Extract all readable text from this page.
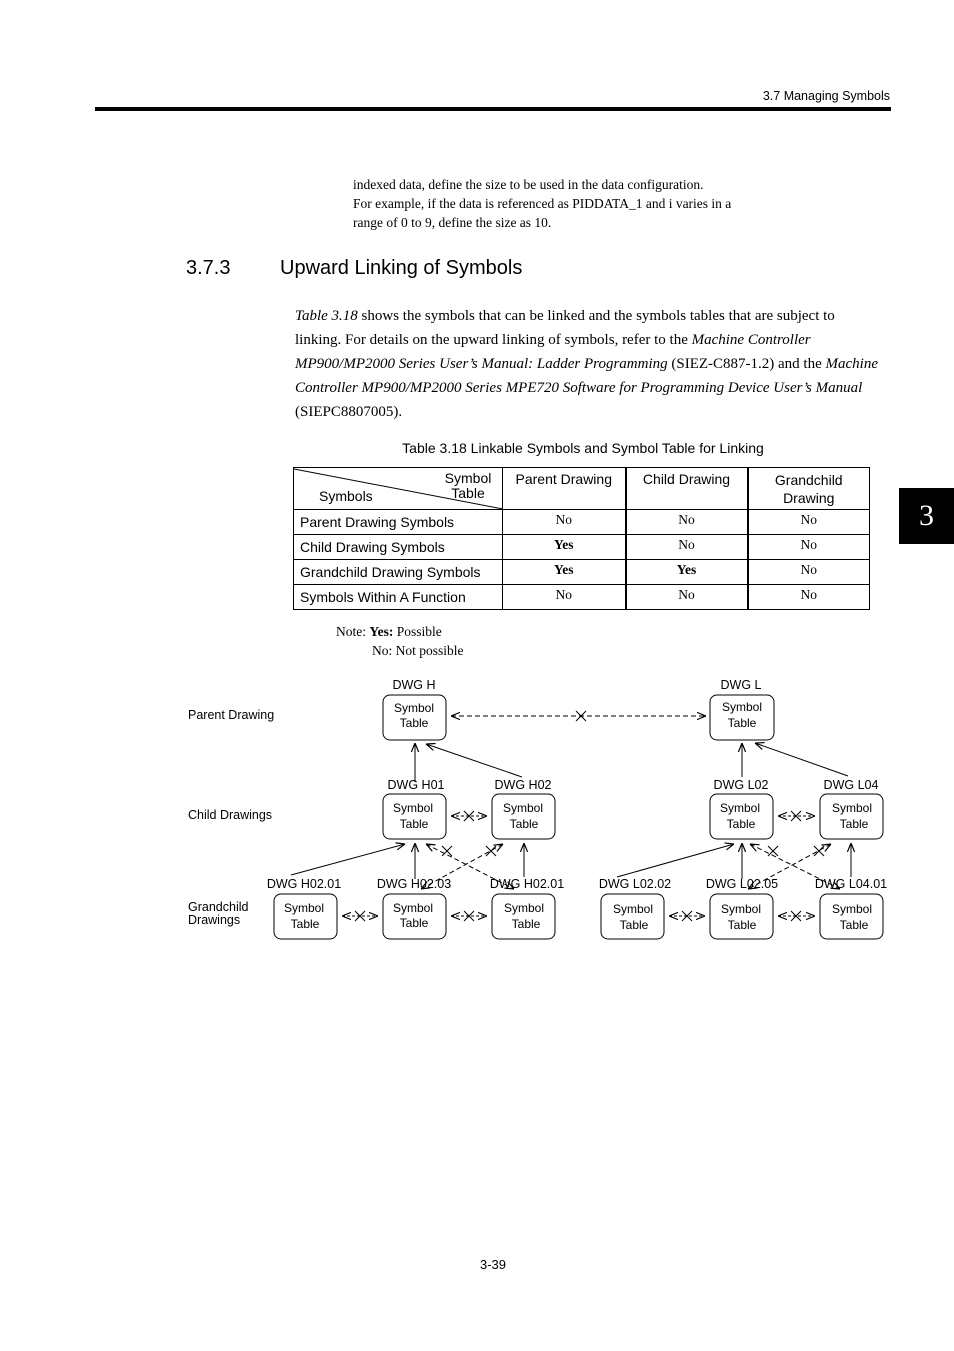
3.7 Managing Symbols
3

indexed data, define the size to be used in the data configuration.

For example, if the data is referenced as PIDDATA_1 and i varies in a

range of 0 to 9, define the size as 10.

3.7.3 Upward Linking of Symbols

Table 3.18 shows the symbols that can be linked and the symbols tables that are subject to linking. For details on the upward linking of symbols, refer to the Machine Controller MP900/MP2000 Series User’s Manual: Ladder Programming (SIEZ-C887-1.2) and the Machine Controller MP900/MP2000 Series MPE720 Software for Programming Device User’s Manual (SIEPC8807005).

Table 3.18 Linkable Symbols and Symbol Table for Linking
Symbol Table
Symbols	Parent Drawing	Child Drawing	Grandchild Drawing
Parent Drawing Symbols	No	No	No
Child Drawing Symbols	Yes	No	No
Grandchild Drawing Symbols	Yes	Yes	No
Symbols Within A Function	No	No	No
Note: Yes: Possible
No: Not possible
Parent Drawing
Child Drawings
Grandchild
Drawings
DWG H	DWG L
DWG H01	DWG H02	DWG L02	DWG L04
DWG H02.01	DWG H02.03	DWG H02.01	DWG L02.02	DWG L02.05	DWG L04.01
Symbol
Table
Symbol
Table
Symbol
Table
Symbol
Table
Symbol
Table
Symbol
Table
Symbol
Table
Symbol
Table
Symbol
Table
Symbol
Table
Symbol
Table
Symbol
Table
3-39
